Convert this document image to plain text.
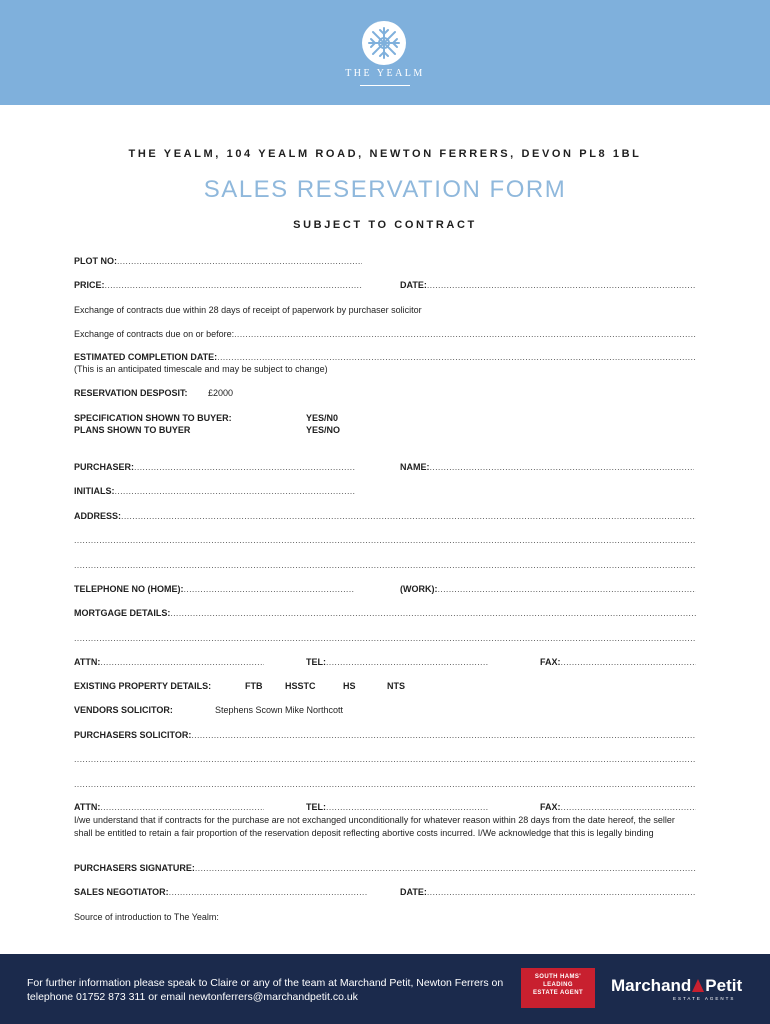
THE YEALM
THE YEALM, 104 YEALM ROAD, NEWTON FERRERS, DEVON PL8 1BL
SALES RESERVATION FORM
SUBJECT TO CONTRACT
PLOT NO:
.....
PRICE: .....	DATE:
.....
Exchange of contracts due within 28 days of receipt of paperwork by purchaser solicitor
Exchange of contracts due on or before:
.....
ESTIMATED COMPLETION DATE:
.....
(This is an anticipated timescale and may be subject to change)
RESERVATION DESPOSIT: £2000
SPECIFICATION SHOWN TO BUYER:	YES/N0
PLANS SHOWN TO BUYER	YES/NO
PURCHASER: .....	NAME:
.....
INITIALS:
.....
ADDRESS:
.....
.....
.....
TELEPHONE NO (HOME): .....	(WORK):
.....
MORTGAGE DETAILS:
.....
.....
ATTN: .....	TEL: .....	FAX:
.....
EXISTING PROPERTY DETAILS:	FTB	HSSTC	HS	NTS
VENDORS SOLICITOR:	Stephens Scown Mike Northcott
PURCHASERS SOLICITOR:
.....
.....
.....
ATTN: .....	TEL: .....	FAX:
.....
I/we understand that if contracts for the purchase are not exchanged unconditionally for whatever reason within 28 days from the date hereof, the seller shall be entitled to retain a fair proportion of the reservation deposit reflecting abortive costs incurred. I/We acknowledge that this is legally binding
PURCHASERS SIGNATURE:
.....
SALES NEGOTIATOR: .....	DATE:
.....
Source of introduction to The Yealm:
For further information please speak to Claire or any of the team at Marchand Petit, Newton Ferrers on telephone 01752 873 311 or email newtonferrers@marchandpetit.co.uk
SOUTH HAMS'
LEADING
ESTATE AGENT	Marchand Petit
ESTATE AGENTS
